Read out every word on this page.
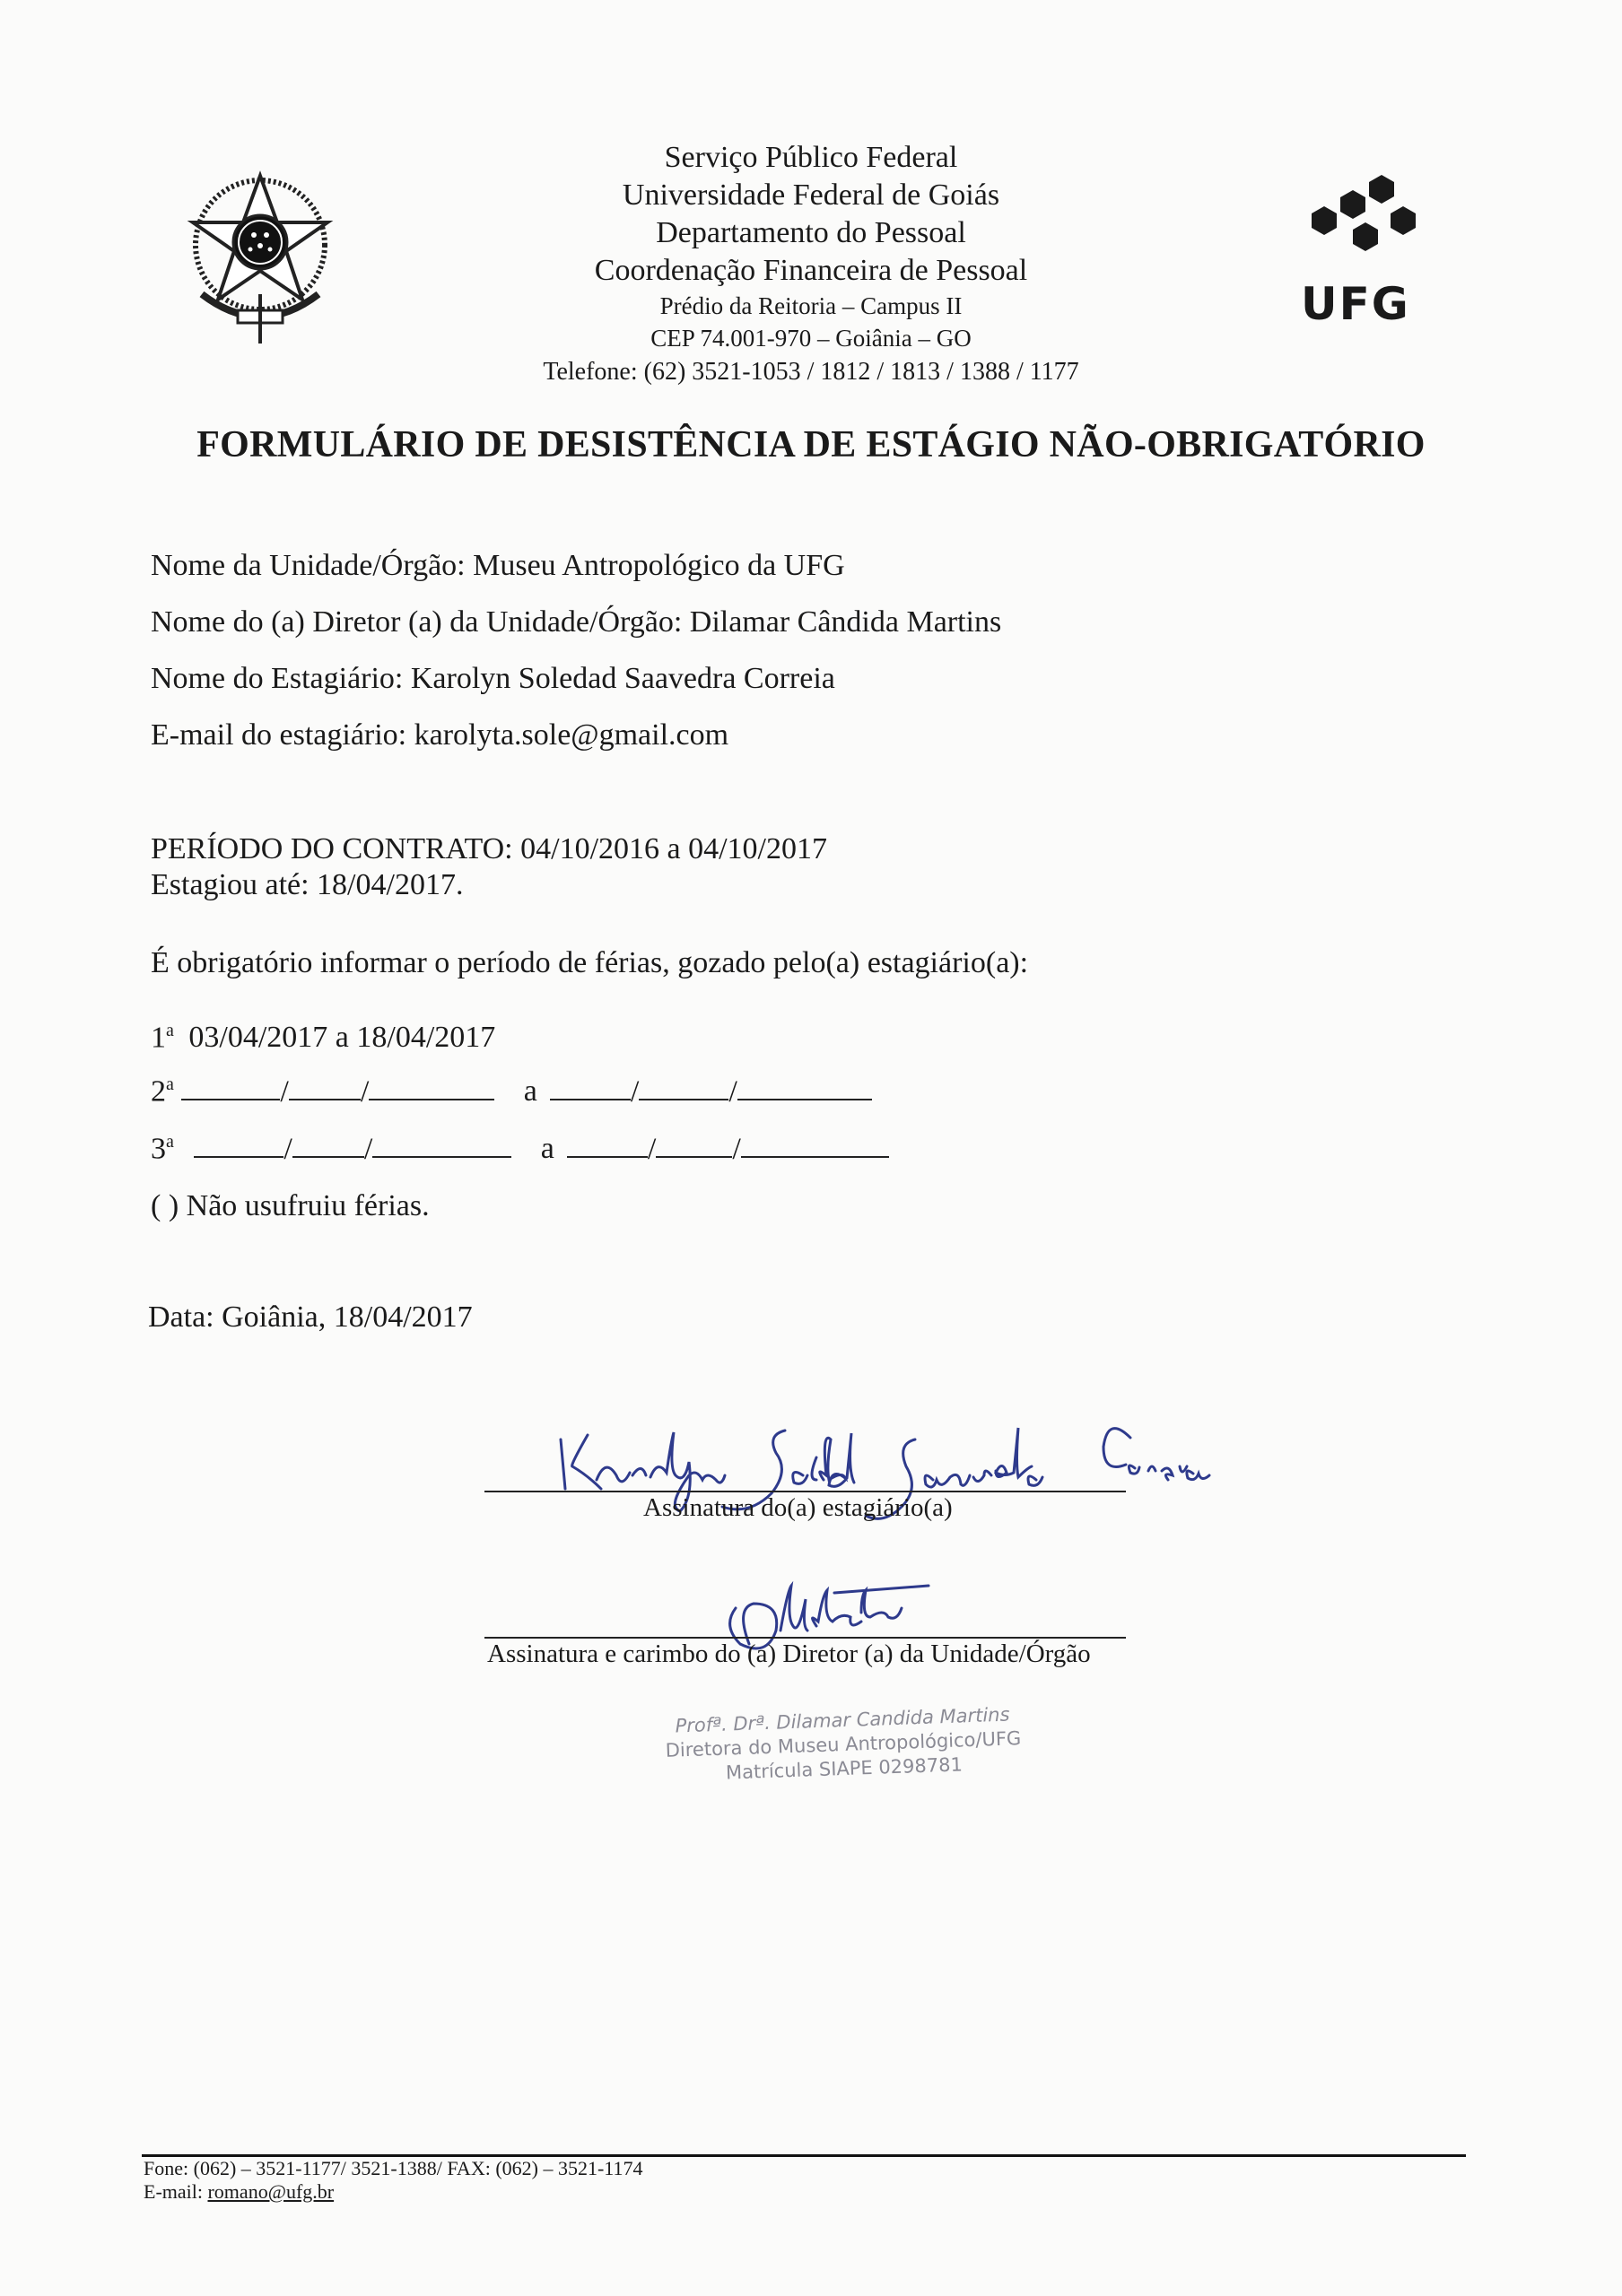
UFG
Serviço Público Federal
Universidade Federal de Goiás
Departamento do Pessoal
Coordenação Financeira de Pessoal
Prédio da Reitoria – Campus II
CEP 74.001-970 – Goiânia – GO
Telefone: (62) 3521-1053 / 1812 / 1813 / 1388 / 1177
FORMULÁRIO DE DESISTÊNCIA DE ESTÁGIO NÃO-OBRIGATÓRIO
Nome da Unidade/Órgão: Museu Antropológico da UFG
Nome do (a) Diretor (a) da Unidade/Órgão: Dilamar Cândida Martins
Nome do Estagiário: Karolyn Soledad Saavedra Correia
E-mail do estagiário: karolyta.sole@gmail.com
PERÍODO DO CONTRATO: 04/10/2016 a 04/10/2017
Estagiou até: 18/04/2017.
É obrigatório informar o período de férias, gozado pelo(a) estagiário(a):
1$^a$ 03/04/2017 a 18/04/2017
2$^a$	/ /	a	/	/
3$^a$	/ /	a	/	/
( ) Não usufruiu férias.
Data: Goiânia, 18/04/2017
Assinatura do(a) estagiário(a)
Assinatura e carimbo do (a) Diretor (a) da Unidade/Órgão
Profª. Drª. Dilamar Candida Martins
Diretora do Museu Antropológico/UFG
Matrícula SIAPE 0298781
Fone: (062) – 3521-1177/ 3521-1388/ FAX: (062) – 3521-1174
E-mail: romano@ufg.br
